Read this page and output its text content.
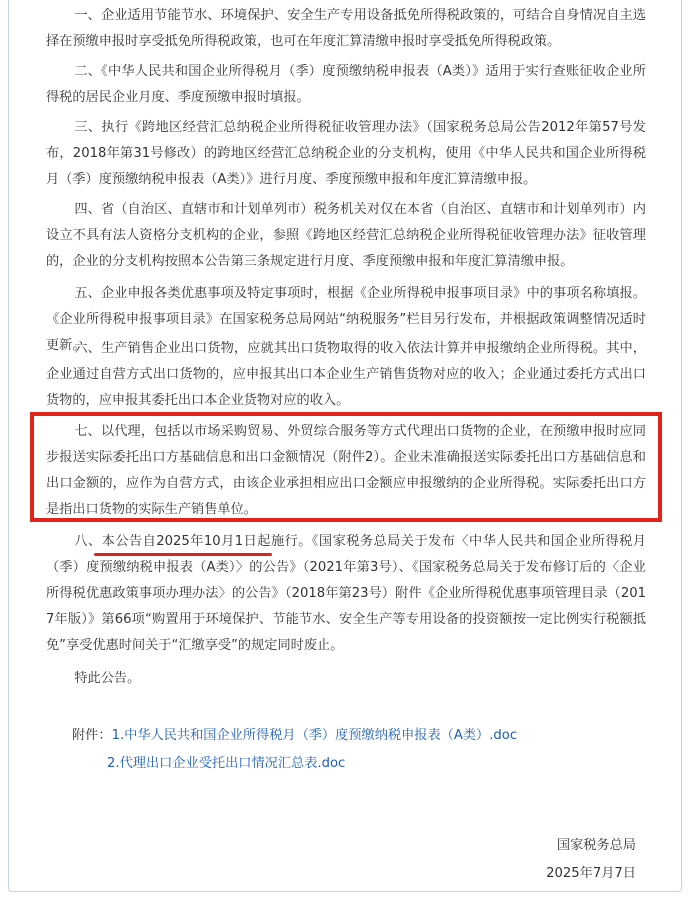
一、企业适用节能节水、环境保护、安全生产专用设备抵免所得税政策的，可结合自身情况自主选择在预缴申报时享受抵免所得税政策，也可在年度汇算清缴申报时享受抵免所得税政策。

二、《中华人民共和国企业所得税月（季）度预缴纳税申报表（A类）》适用于实行查账征收企业所得税的居民企业月度、季度预缴申报时填报。

三、执行《跨地区经营汇总纳税企业所得税征收管理办法》（国家税务总局公告2012年第57号发布，2018年第31号修改）的跨地区经营汇总纳税企业的分支机构，使用《中华人民共和国企业所得税月（季）度预缴纳税申报表（A类）》进行月度、季度预缴申报和年度汇算清缴申报。

四、省（自治区、直辖市和计划单列市）税务机关对仅在本省（自治区、直辖市和计划单列市）内设立不具有法人资格分支机构的企业，参照《跨地区经营汇总纳税企业所得税征收管理办法》征收管理的，企业的分支机构按照本公告第三条规定进行月度、季度预缴申报和年度汇算清缴申报。

五、企业申报各类优惠事项及特定事项时，根据《企业所得税申报事项目录》中的事项名称填报。《企业所得税申报事项目录》在国家税务总局网站“纳税服务”栏目另行发布，并根据政策调整情况适时更新。

六、生产销售企业出口货物，应就其出口货物取得的收入依法计算并申报缴纳企业所得税。其中，企业通过自营方式出口货物的，应申报其出口本企业生产销售货物对应的收入；企业通过委托方式出口货物的，应申报其委托出口本企业货物对应的收入。

七、以代理，包括以市场采购贸易、外贸综合服务等方式代理出口货物的企业，在预缴申报时应同步报送实际委托出口方基础信息和出口金额情况（附件2）。企业未准确报送实际委托出口方基础信息和出口金额的，应作为自营方式，由该企业承担相应出口金额应申报缴纳的企业所得税。实际委托出口方是指出口货物的实际生产销售单位。

八、本公告自2025年10月1日起施行。《国家税务总局关于发布〈中华人民共和国企业所得税月（季）度预缴纳税申报表（A类）〉的公告》（2021年第3号）、《国家税务总局关于发布修订后的〈企业所得税优惠政策事项办理办法〉的公告》（2018年第23号）附件《企业所得税优惠事项管理目录（2017年版）》第66项“购置用于环境保护、节能节水、安全生产等专用设备的投资额按一定比例实行税额抵免”享受优惠时间关于“汇缴享受”的规定同时废止。

特此公告。

附件：1.中华人民共和国企业所得税月（季）度预缴纳税申报表（A类）.doc
2.代理出口企业受托出口情况汇总表.doc
国家税务总局
2025年7月7日
